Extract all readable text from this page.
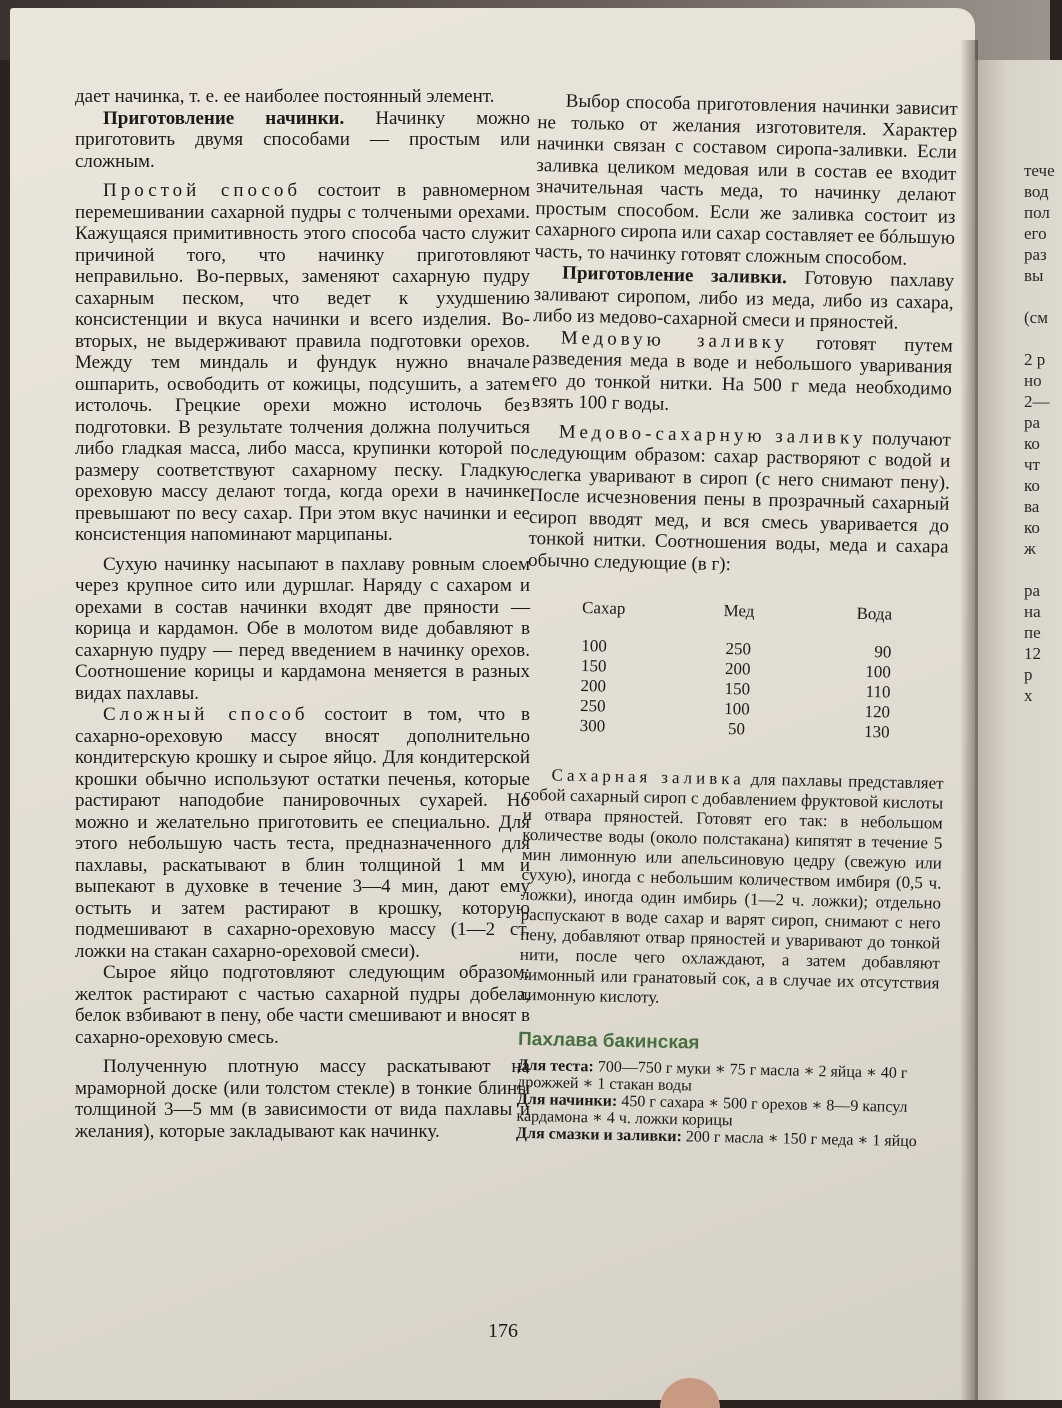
тече
вод
пол
его
раз
вы
(см
2 р
но
2—
ра
ко
чт
ко
ва
ко
ж
ра
на
пе
12
р
х

дает начинка, т. е. ее наиболее постоянный элемент.

Приготовление начинки. Начинку можно приготовить двумя способами — простым или сложным.

Простой способ состоит в равномерном перемешивании сахарной пудры с толчеными орехами. Кажущаяся примитивность этого способа часто служит причиной того, что начинку приготовляют неправильно. Во-первых, заменяют сахарную пудру сахарным песком, что ведет к ухудшению консистенции и вкуса начинки и всего изделия. Во-вторых, не выдерживают правила подготовки орехов. Между тем миндаль и фундук нужно вначале ошпарить, освободить от кожицы, подсушить, а затем истолочь. Грецкие орехи можно истолочь без подготовки. В результате толчения должна получиться либо гладкая масса, либо масса, крупинки которой по размеру соответствуют сахарному песку. Гладкую ореховую массу делают тогда, когда орехи в начинке превышают по весу сахар. При этом вкус начинки и ее консистенция напоминают марципаны.

Сухую начинку насыпают в пахлаву ровным слоем через крупное сито или дуршлаг. Наряду с сахаром и орехами в состав начинки входят две пряности — корица и кардамон. Обе в молотом виде добавляют в сахарную пудру — перед введением в начинку орехов. Соотношение корицы и кардамона меняется в разных видах пахлавы.

Сложный способ состоит в том, что в сахарно-ореховую массу вносят дополнительно кондитерскую крошку и сырое яйцо. Для кондитерской крошки обычно используют остатки печенья, которые растирают наподобие панировочных сухарей. Но можно и желательно приготовить ее специально. Для этого небольшую часть теста, предназначенного для пахлавы, раскатывают в блин толщиной 1 мм и выпекают в духовке в течение 3—4 мин, дают ему остыть и затем растирают в крошку, которую подмешивают в сахарно-ореховую массу (1—2 ст. ложки на стакан сахарно-ореховой смеси).

Сырое яйцо подготовляют следующим образом: желток растирают с частью сахарной пудры добела, белок взбивают в пену, обе части смешивают и вносят в сахарно-ореховую смесь.

Полученную плотную массу раскатывают на мраморной доске (или толстом стекле) в тонкие блины толщиной 3—5 мм (в зависимости от вида пахлавы и желания), которые закладывают как начинку.

Выбор способа приготовления начинки зависит не только от желания изготовителя. Характер начинки связан с составом сиропа-заливки. Если заливка целиком медовая или в состав ее входит значительная часть меда, то начинку делают простым способом. Если же заливка состоит из сахарного сиропа или сахар составляет ее бóльшую часть, то начинку готовят сложным способом.

Приготовление заливки. Готовую пахлаву заливают сиропом, либо из меда, либо из сахара, либо из медово-сахарной смеси и пряностей.

Медовую заливку готовят путем разведения меда в воде и небольшого уваривания его до тонкой нитки. На 500 г меда необходимо взять 100 г воды.

Медово-сахарную заливку получают следующим образом: сахар растворяют с водой и слегка уваривают в сироп (с него снимают пену). После исчезновения пены в прозрачный сахарный сироп вводят мед, и вся смесь уваривается до тонкой нитки. Соотношения воды, меда и сахара обычно следующие (в г):

Сахар	Мед	Вода
100	250	90
150	200	100
200	150	110
250	100	120
300	50	130

Сахарная заливка для пахлавы представляет собой сахарный сироп с добавлением фруктовой кислоты и отвара пряностей. Готовят его так: в небольшом количестве воды (около полстакана) кипятят в течение 5 мин лимонную или апельсиновую цедру (свежую или сухую), иногда с небольшим количеством имбиря (0,5 ч. ложки), иногда один имбирь (1—2 ч. ложки); отдельно распускают в воде сахар и варят сироп, снимают с него пену, добавляют отвар пряностей и уваривают до тонкой нити, после чего охлаждают, а затем добавляют лимонный или гранатовый сок, а в случае их отсутствия лимонную кислоту.

Пахлава бакинская

Для теста: 700—750 г муки ∗ 75 г масла ∗ 2 яйца ∗ 40 г дрожжей ∗ 1 стакан воды

Для начинки: 450 г сахара ∗ 500 г орехов ∗ 8—9 капсул кардамона ∗ 4 ч. ложки корицы

Для смазки и заливки: 200 г масла ∗ 150 г меда ∗ 1 яйцо

176
